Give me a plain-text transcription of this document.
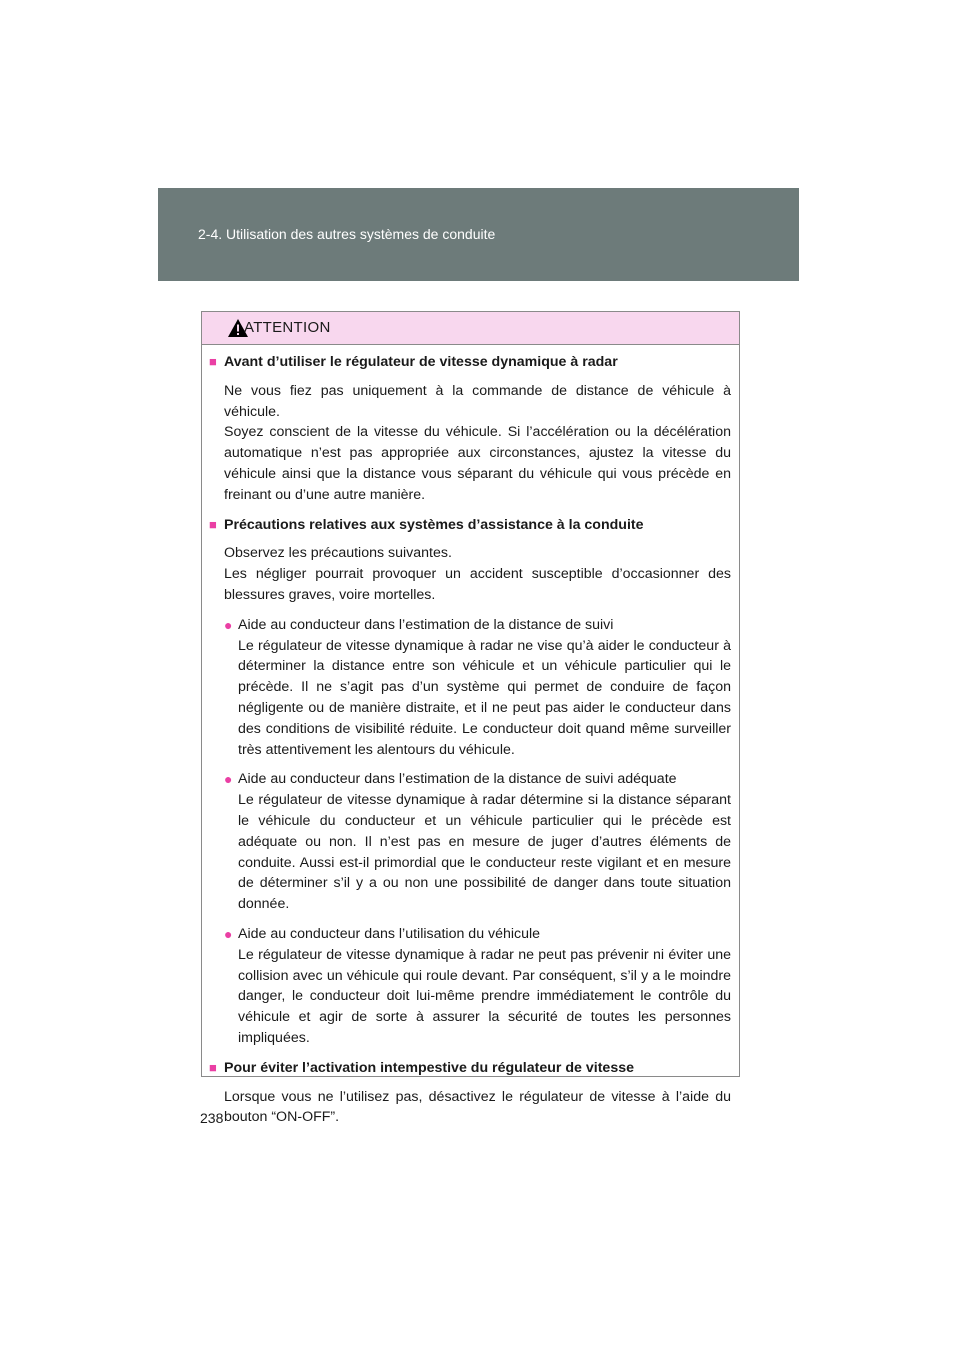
2-4. Utilisation des autres systèmes de conduite
ATTENTION
■ Avant d’utiliser le régulateur de vitesse dynamique à radar
Ne vous fiez pas uniquement à la commande de distance de véhicule à véhicule.
Soyez conscient de la vitesse du véhicule. Si l’accélération ou la décélération automatique n’est pas appropriée aux circonstances, ajustez la vitesse du véhicule ainsi que la distance vous séparant du véhicule qui vous précède en freinant ou d’une autre manière.
■ Précautions relatives aux systèmes d’assistance à la conduite
Observez les précautions suivantes.
Les négliger pourrait provoquer un accident susceptible d’occasionner des blessures graves, voire mortelles.
● Aide au conducteur dans l’estimation de la distance de suivi
Le régulateur de vitesse dynamique à radar ne vise qu’à aider le conducteur à déterminer la distance entre son véhicule et un véhicule particulier qui le précède. Il ne s’agit pas d’un système qui permet de conduire de façon négligente ou de manière distraite, et il ne peut pas aider le conducteur dans des conditions de visibilité réduite. Le conducteur doit quand même surveiller très attentivement les alentours du véhicule.
● Aide au conducteur dans l’estimation de la distance de suivi adéquate
Le régulateur de vitesse dynamique à radar détermine si la distance séparant le véhicule du conducteur et un véhicule particulier qui le précède est adéquate ou non. Il n’est pas en mesure de juger d’autres éléments de conduite. Aussi est-il primordial que le conducteur reste vigilant et en mesure de déterminer s’il y a ou non une possibilité de danger dans toute situation donnée.
● Aide au conducteur dans l’utilisation du véhicule
Le régulateur de vitesse dynamique à radar ne peut pas prévenir ni éviter une collision avec un véhicule qui roule devant. Par conséquent, s’il y a le moindre danger, le conducteur doit lui-même prendre immédiatement le contrôle du véhicule et agir de sorte à assurer la sécurité de toutes les personnes impliquées.
■ Pour éviter l’activation intempestive du régulateur de vitesse
Lorsque vous ne l’utilisez pas, désactivez le régulateur de vitesse à l’aide du bouton “ON-OFF”.
238
